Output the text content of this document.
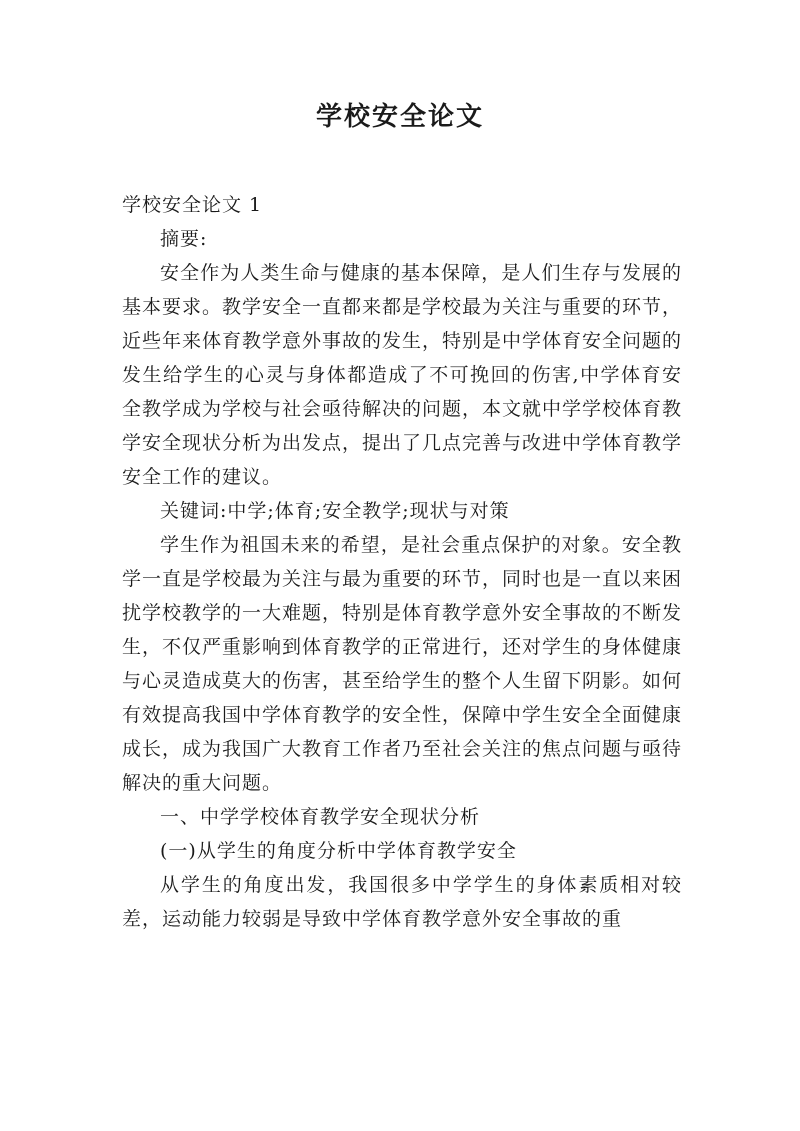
学校安全论文

学校安全论文 1

摘要:

安全作为人类生命与健康的基本保障，是人们生存与发展的基本要求。教学安全一直都来都是学校最为关注与重要的环节，近些年来体育教学意外事故的发生，特别是中学体育安全问题的发生给学生的心灵与身体都造成了不可挽回的伤害,中学体育安全教学成为学校与社会亟待解决的问题，本文就中学学校体育教学安全现状分析为出发点，提出了几点完善与改进中学体育教学安全工作的建议。

关键词:中学;体育;安全教学;现状与对策

学生作为祖国未来的希望，是社会重点保护的对象。安全教学一直是学校最为关注与最为重要的环节，同时也是一直以来困扰学校教学的一大难题，特别是体育教学意外安全事故的不断发生，不仅严重影响到体育教学的正常进行，还对学生的身体健康与心灵造成莫大的伤害，甚至给学生的整个人生留下阴影。如何有效提高我国中学体育教学的安全性，保障中学生安全全面健康成长，成为我国广大教育工作者乃至社会关注的焦点问题与亟待解决的重大问题。

一、中学学校体育教学安全现状分析

(一)从学生的角度分析中学体育教学安全

从学生的角度出发，我国很多中学学生的身体素质相对较差，运动能力较弱是导致中学体育教学意外安全事故的重
